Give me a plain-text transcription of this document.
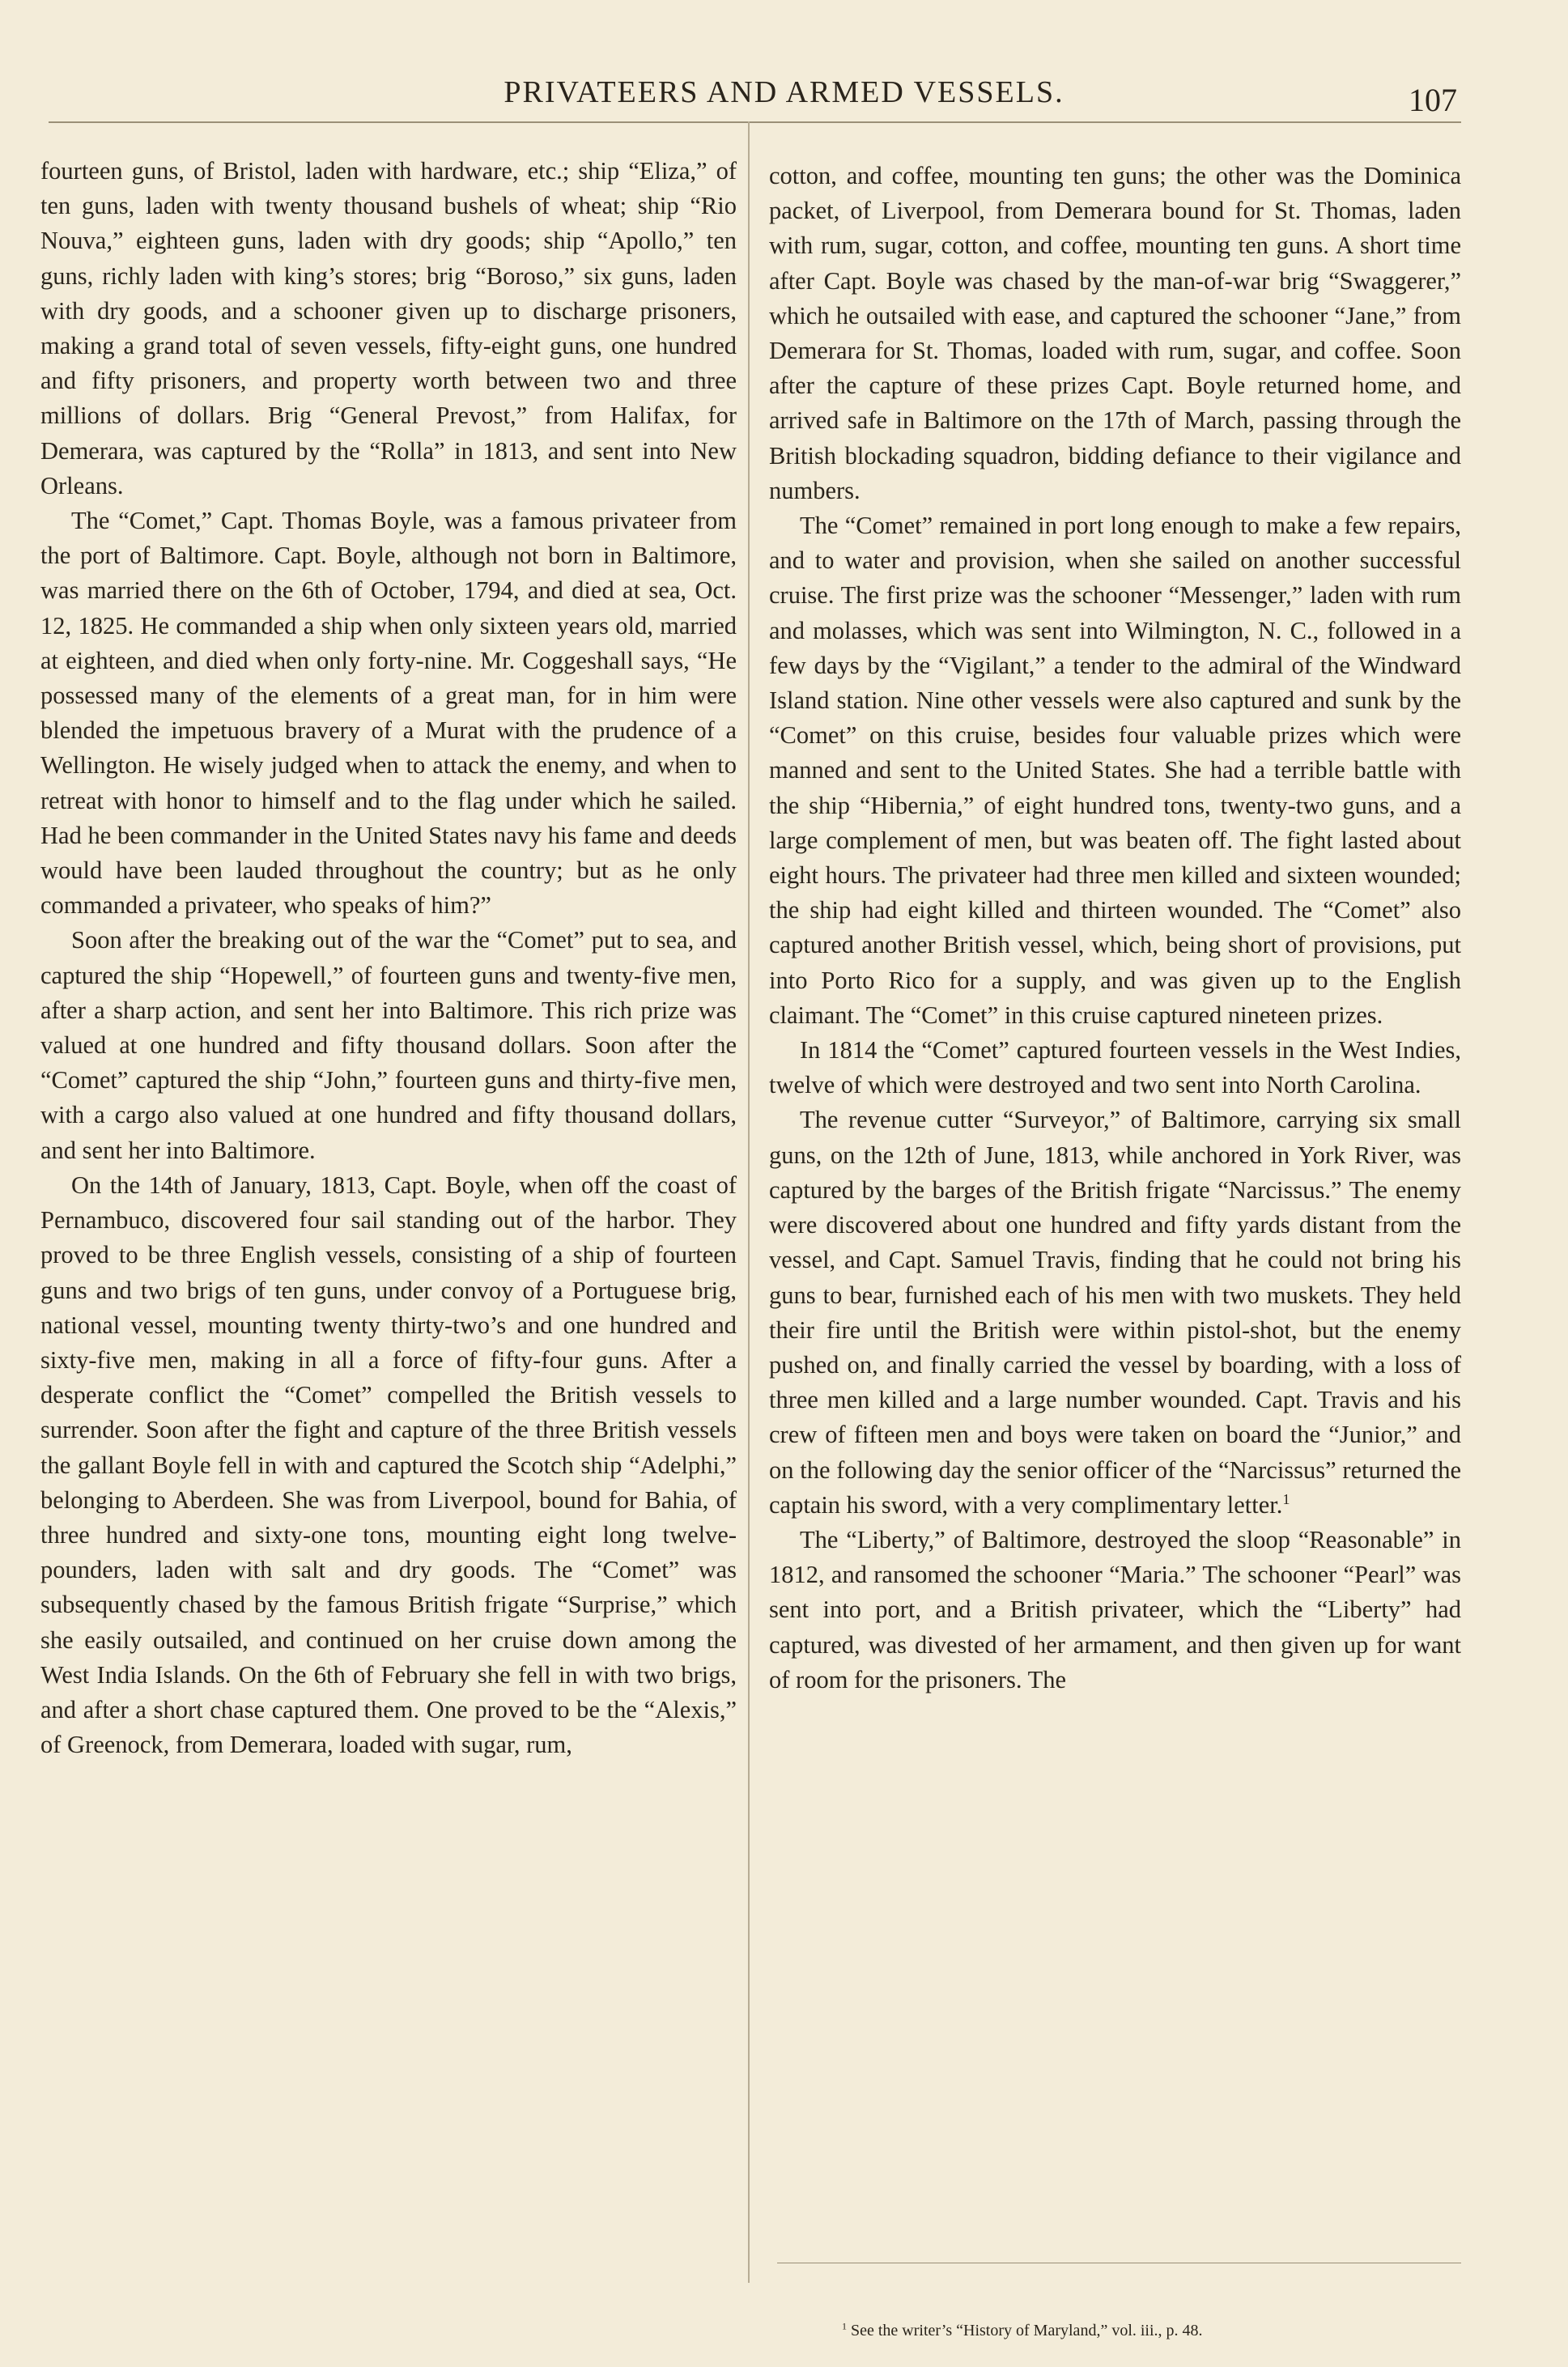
PRIVATEERS AND ARMED VESSELS.	107

fourteen guns, of Bristol, laden with hardware, etc.; ship “Eliza,” of ten guns, laden with twenty thousand bushels of wheat; ship “Rio Nouva,” eighteen guns, laden with dry goods; ship “Apollo,” ten guns, richly laden with king’s stores; brig “Boroso,” six guns, laden with dry goods, and a schooner given up to discharge prisoners, making a grand total of seven vessels, fifty-eight guns, one hundred and fifty prisoners, and property worth between two and three millions of dollars. Brig “General Prevost,” from Halifax, for Demerara, was captured by the “Rolla” in 1813, and sent into New Orleans.

The “Comet,” Capt. Thomas Boyle, was a famous privateer from the port of Baltimore. Capt. Boyle, although not born in Baltimore, was married there on the 6th of October, 1794, and died at sea, Oct. 12, 1825. He commanded a ship when only sixteen years old, married at eighteen, and died when only forty-nine. Mr. Coggeshall says, “He possessed many of the elements of a great man, for in him were blended the impetuous bravery of a Murat with the prudence of a Wellington. He wisely judged when to attack the enemy, and when to retreat with honor to himself and to the flag under which he sailed. Had he been commander in the United States navy his fame and deeds would have been lauded throughout the country; but as he only commanded a privateer, who speaks of him?”

Soon after the breaking out of the war the “Comet” put to sea, and captured the ship “Hopewell,” of fourteen guns and twenty-five men, after a sharp action, and sent her into Baltimore. This rich prize was valued at one hundred and fifty thousand dollars. Soon after the “Comet” captured the ship “John,” fourteen guns and thirty-five men, with a cargo also valued at one hundred and fifty thousand dollars, and sent her into Baltimore.

On the 14th of January, 1813, Capt. Boyle, when off the coast of Pernambuco, discovered four sail standing out of the harbor. They proved to be three English vessels, consisting of a ship of fourteen guns and two brigs of ten guns, under convoy of a Portuguese brig, national vessel, mounting twenty thirty-two’s and one hundred and sixty-five men, making in all a force of fifty-four guns. After a desperate conflict the “Comet” compelled the British vessels to surrender. Soon after the fight and capture of the three British vessels the gallant Boyle fell in with and captured the Scotch ship “Adelphi,” belonging to Aberdeen. She was from Liverpool, bound for Bahia, of three hundred and sixty-one tons, mounting eight long twelve-pounders, laden with salt and dry goods. The “Comet” was subsequently chased by the famous British frigate “Surprise,” which she easily outsailed, and continued on her cruise down among the West India Islands. On the 6th of February she fell in with two brigs, and after a short chase captured them. One proved to be the “Alexis,” of Greenock, from Demerara, loaded with sugar, rum,

cotton, and coffee, mounting ten guns; the other was the Dominica packet, of Liverpool, from Demerara bound for St. Thomas, laden with rum, sugar, cotton, and coffee, mounting ten guns. A short time after Capt. Boyle was chased by the man-of-war brig “Swaggerer,” which he outsailed with ease, and captured the schooner “Jane,” from Demerara for St. Thomas, loaded with rum, sugar, and coffee. Soon after the capture of these prizes Capt. Boyle returned home, and arrived safe in Baltimore on the 17th of March, passing through the British blockading squadron, bidding defiance to their vigilance and numbers.

The “Comet” remained in port long enough to make a few repairs, and to water and provision, when she sailed on another successful cruise. The first prize was the schooner “Messenger,” laden with rum and molasses, which was sent into Wilmington, N. C., followed in a few days by the “Vigilant,” a tender to the admiral of the Windward Island station. Nine other vessels were also captured and sunk by the “Comet” on this cruise, besides four valuable prizes which were manned and sent to the United States. She had a terrible battle with the ship “Hibernia,” of eight hundred tons, twenty-two guns, and a large complement of men, but was beaten off. The fight lasted about eight hours. The privateer had three men killed and sixteen wounded; the ship had eight killed and thirteen wounded. The “Comet” also captured another British vessel, which, being short of provisions, put into Porto Rico for a supply, and was given up to the English claimant. The “Comet” in this cruise captured nineteen prizes.

In 1814 the “Comet” captured fourteen vessels in the West Indies, twelve of which were destroyed and two sent into North Carolina.

The revenue cutter “Surveyor,” of Baltimore, carrying six small guns, on the 12th of June, 1813, while anchored in York River, was captured by the barges of the British frigate “Narcissus.” The enemy were discovered about one hundred and fifty yards distant from the vessel, and Capt. Samuel Travis, finding that he could not bring his guns to bear, furnished each of his men with two muskets. They held their fire until the British were within pistol-shot, but the enemy pushed on, and finally carried the vessel by boarding, with a loss of three men killed and a large number wounded. Capt. Travis and his crew of fifteen men and boys were taken on board the “Junior,” and on the following day the senior officer of the “Narcissus” returned the captain his sword, with a very complimentary letter.$^1$

The “Liberty,” of Baltimore, destroyed the sloop “Reasonable” in 1812, and ransomed the schooner “Maria.” The schooner “Pearl” was sent into port, and a British privateer, which the “Liberty” had captured, was divested of her armament, and then given up for want of room for the prisoners. The

$^1$ See the writer’s “History of Maryland,” vol. iii., p. 48.
